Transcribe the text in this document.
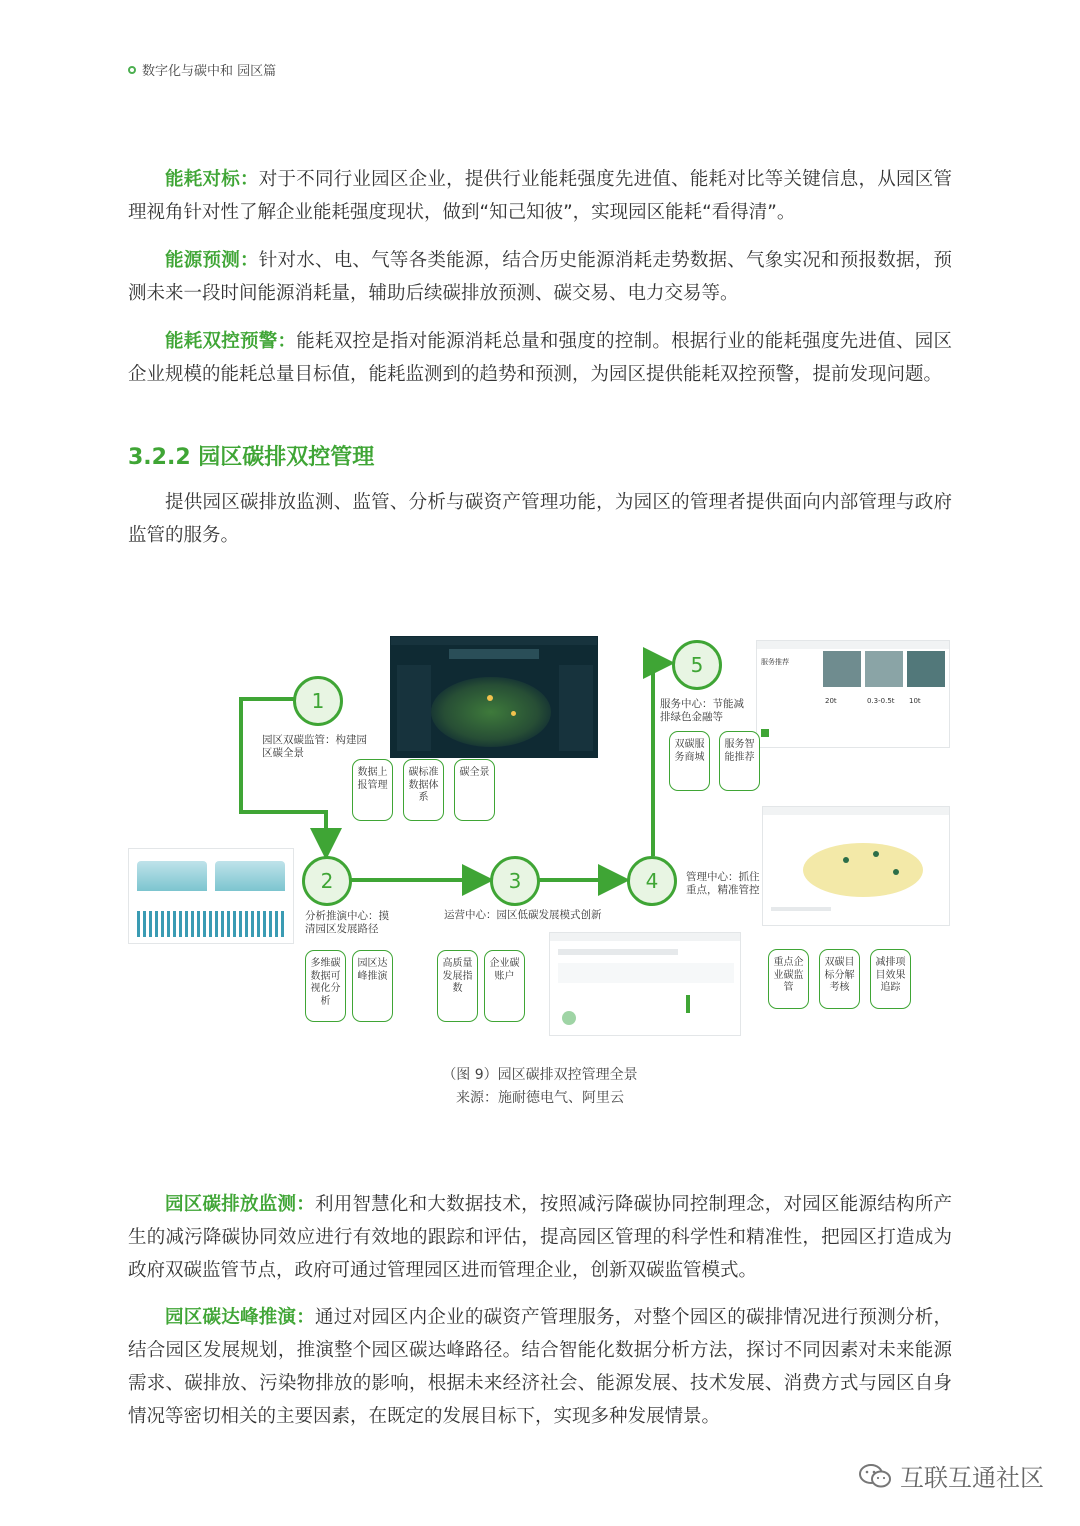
数字化与碳中和 园区篇

能耗对标：对于不同行业园区企业，提供行业能耗强度先进值、能耗对比等关键信息，从园区管理视角针对性了解企业能耗强度现状，做到“知己知彼”，实现园区能耗“看得清”。

能源预测：针对水、电、气等各类能源，结合历史能源消耗走势数据、气象实况和预报数据，预测未来一段时间能源消耗量，辅助后续碳排放预测、碳交易、电力交易等。

能耗双控预警：能耗双控是指对能源消耗总量和强度的控制。根据行业的能耗强度先进值、园区企业规模的能耗总量目标值，能耗监测到的趋势和预测，为园区提供能耗双控预警，提前发现问题。

3.2.2 园区碳排双控管理

提供园区碳排放监测、监管、分析与碳资产管理功能，为园区的管理者提供面向内部管理与政府监管的服务。

服务推荐
20t	0.3-0.5t 10t
1
2	3	4
5
园区双碳监管：构建园区碳全景
分析推演中心：摸清园区发展路径
运营中心：园区低碳发展模式创新
管理中心：抓住重点，精准管控
服务中心：节能减排绿色金融等
数据上报管理
碳标准数据体系
碳全景
多维碳数据可视化分析
园区达峰推演
高质量发展指数
企业碳账户
重点企业碳监管
双碳目标分解考核
减排项目效果追踪
双碳服务商城
服务智能推荐
（图 9）园区碳排双控管理全景
来源：施耐德电气、阿里云

园区碳排放监测：利用智慧化和大数据技术，按照减污降碳协同控制理念，对园区能源结构所产生的减污降碳协同效应进行有效地的跟踪和评估，提高园区管理的科学性和精准性，把园区打造成为政府双碳监管节点，政府可通过管理园区进而管理企业，创新双碳监管模式。

园区碳达峰推演：通过对园区内企业的碳资产管理服务，对整个园区的碳排情况进行预测分析，结合园区发展规划，推演整个园区碳达峰路径。结合智能化数据分析方法，探讨不同因素对未来能源需求、碳排放、污染物排放的影响，根据未来经济社会、能源发展、技术发展、消费方式与园区自身情况等密切相关的主要因素，在既定的发展目标下，实现多种发展情景。

互联互通社区
